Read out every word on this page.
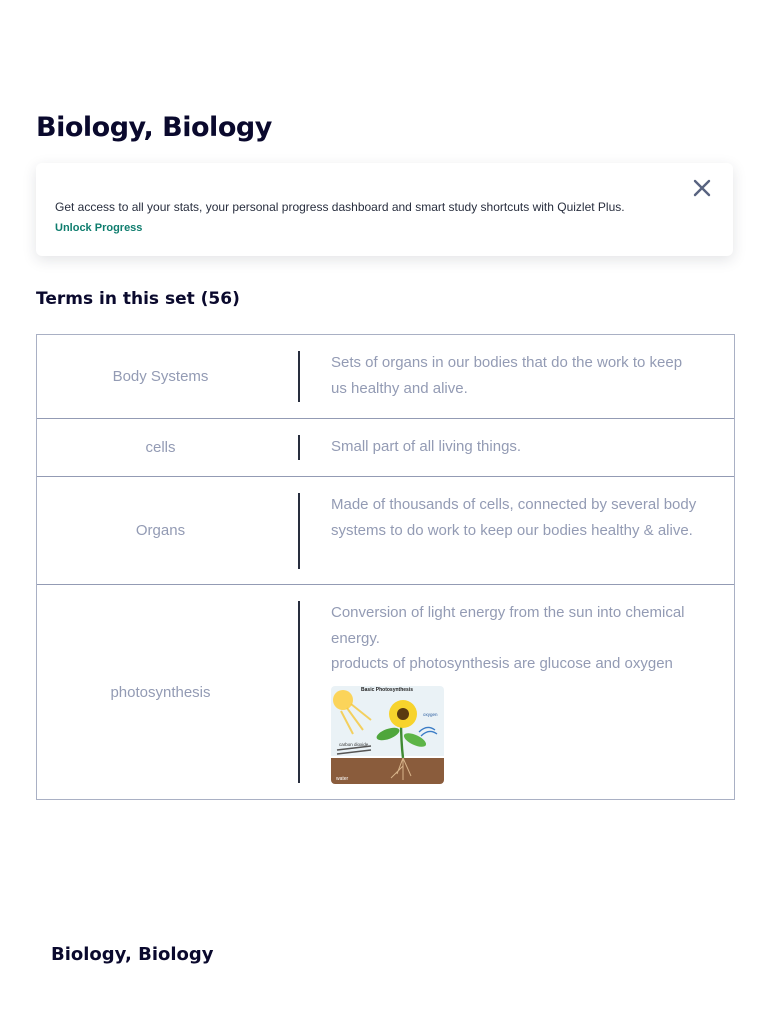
Biology, Biology
Get access to all your stats, your personal progress dashboard and smart study shortcuts with Quizlet Plus.
Unlock Progress
Terms in this set (56)
Body Systems

Sets of organs in our bodies that do the work to keep us healthy and alive.

cells	Small part of all living things.

Organs

Made of thousands of cells, connected by several body systems to do work to keep our bodies healthy & alive.

photosynthesis

Conversion of light energy from the sun into chemical energy.

products of photosynthesis are glucose and oxygen

Basic Photosynthesis
oxygen
carbon dioxide
water
Biology, Biology
